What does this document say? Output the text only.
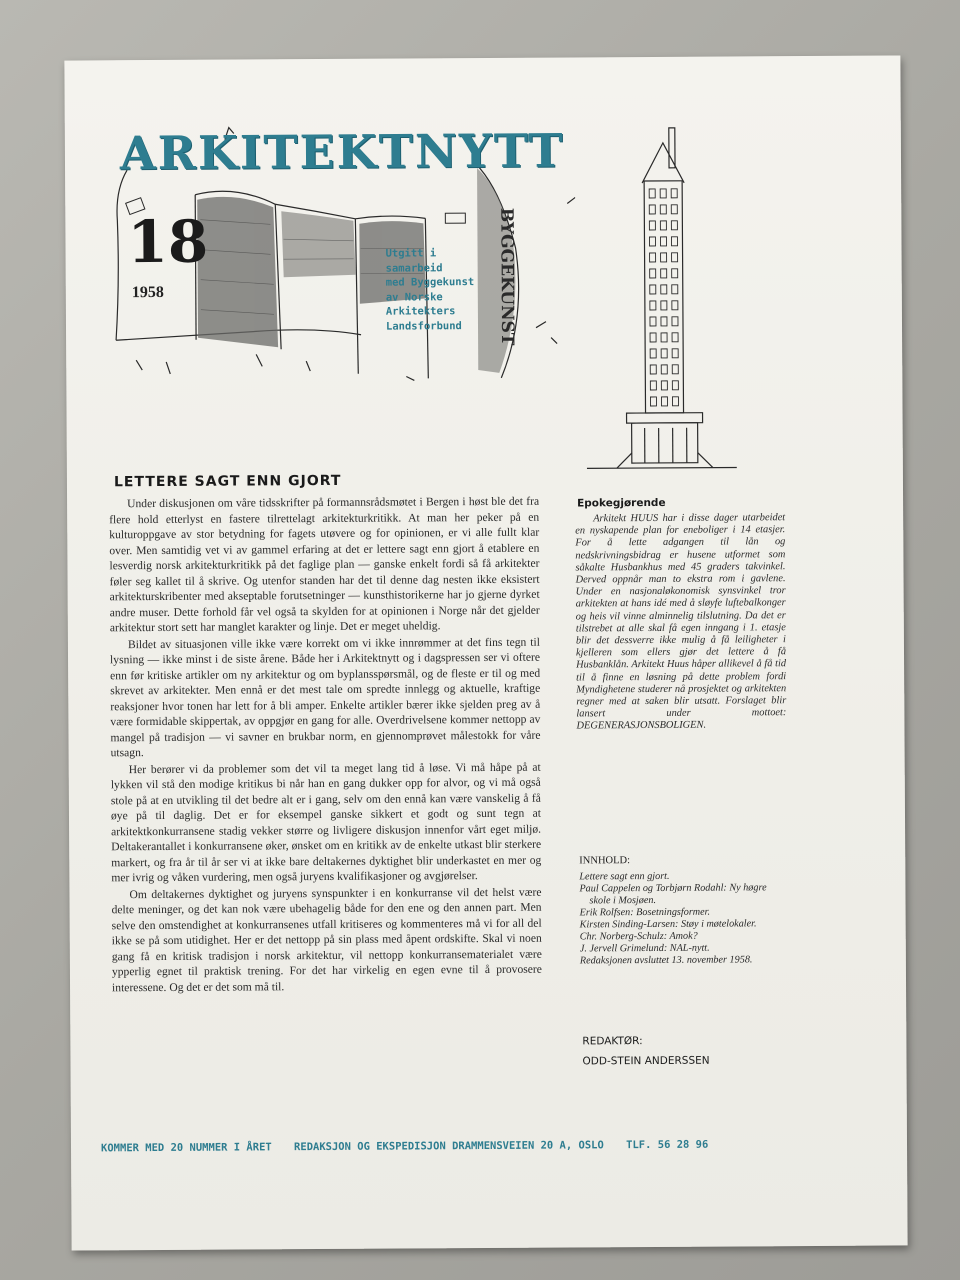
BYGGEKUNST
ARKITEKTNYTT
18
1958
Utgitt i
samarbeid
med Byggekunst
av Norske
Arkitekters
Landsforbund
LETTERE SAGT ENN GJORT

Under diskusjonen om våre tidsskrifter på formannsrådsmøtet i Bergen i høst ble det fra flere hold etterlyst en fastere tilrettelagt arkitekturkritikk. At man her peker på en kulturoppgave av stor betydning for fagets utøvere og for opinionen, er vi alle fullt klar over. Men samtidig vet vi av gammel erfaring at det er lettere sagt enn gjort å etablere en lesverdig norsk arkitekturkritikk på det faglige plan — ganske enkelt fordi så få arkitekter føler seg kallet til å skrive. Og utenfor standen har det til denne dag nesten ikke eksistert arkitekturskribenter med akseptable forutsetninger — kunsthistorikerne har jo gjerne dyrket andre muser. Dette forhold får vel også ta skylden for at opinionen i Norge når det gjelder arkitektur stort sett har manglet karakter og linje. Det er meget uheldig.

Bildet av situasjonen ville ikke være korrekt om vi ikke innrømmer at det fins tegn til lysning — ikke minst i de siste årene. Både her i Arkitektnytt og i dagspressen ser vi oftere enn før kritiske artikler om ny arkitektur og om byplansspørsmål, og de fleste er til og med skrevet av arkitekter. Men ennå er det mest tale om spredte innlegg og aktuelle, kraftige reaksjoner hvor tonen har lett for å bli amper. Enkelte artikler bærer ikke sjelden preg av å være formidable skippertak, av oppgjør en gang for alle. Overdrivelsene kommer nettopp av mangel på tradisjon — vi savner en brukbar norm, en gjennomprøvet målestokk for våre utsagn.

Her berører vi da problemer som det vil ta meget lang tid å løse. Vi må håpe på at lykken vil stå den modige kritikus bi når han en gang dukker opp for alvor, og vi må også stole på at en utvikling til det bedre alt er i gang, selv om den ennå kan være vanskelig å få øye på til daglig. Det er for eksempel ganske sikkert et godt og sunt tegn at arkitektkonkurransene stadig vekker større og livligere diskusjon innenfor vårt eget miljø. Deltakerantallet i konkurransene øker, ønsket om en kritikk av de enkelte utkast blir sterkere markert, og fra år til år ser vi at ikke bare deltakernes dyktighet blir underkastet en mer og mer ivrig og våken vurdering, men også juryens kvalifikasjoner og avgjørelser.

Om deltakernes dyktighet og juryens synspunkter i en konkurranse vil det helst være delte meninger, og det kan nok være ubehagelig både for den ene og den annen part. Men selve den omstendighet at konkurransenes utfall kritiseres og kommenteres må vi for all del ikke se på som utidighet. Her er det nettopp på sin plass med åpent ordskifte. Skal vi noen gang få en kritisk tradisjon i norsk arkitektur, vil nettopp konkurransematerialet være ypperlig egnet til praktisk trening. For det har virkelig en egen evne til å provosere interessene. Og det er det som må til.

Epokegjørende
Arkitekt HUUS har i disse dager utarbeidet en nyskapende plan for eneboliger i 14 etasjer. For å lette adgangen til lån og nedskrivningsbidrag er husene utformet som såkalte Husbankhus med 45 graders takvinkel. Derved oppnår man to ekstra rom i gavlene. Under en nasjonaløkonomisk synsvinkel tror arkitekten at hans idé med å sløyfe luftebalkonger og heis vil vinne alminnelig tilslutning. Da det er tilstrebet at alle skal få egen inngang i 1. etasje blir det dessverre ikke mulig å få leiligheter i kjelleren som ellers gjør det lettere å få Husbanklån. Arkitekt Huus håper allikevel å få tid til å finne en løsning på dette problem fordi Myndighetene studerer nå prosjektet og arkitekten regner med at saken blir utsatt. Forslaget blir lansert under mottoet: DEGENERASJONSBOLIGEN.
INNHOLD:
Lettere sagt enn gjort.
Paul Cappelen og Torbjørn Rodahl: Ny høgre skole i Mosjøen.
Erik Rolfsen: Bosetningsformer.
Kirsten Sinding-Larsen: Støy i møtelokaler.
Chr. Norberg-Schulz: Amok?
J. Jervell Grimelund: NAL-nytt.
Redaksjonen avsluttet 13. november 1958.
REDAKTØR:
ODD-STEIN ANDERSSEN
KOMMER MED 20 NUMMER I ÅRET REDAKSJON OG EKSPEDISJON DRAMMENSVEIEN 20 A, OSLO TLF. 56 28 96
